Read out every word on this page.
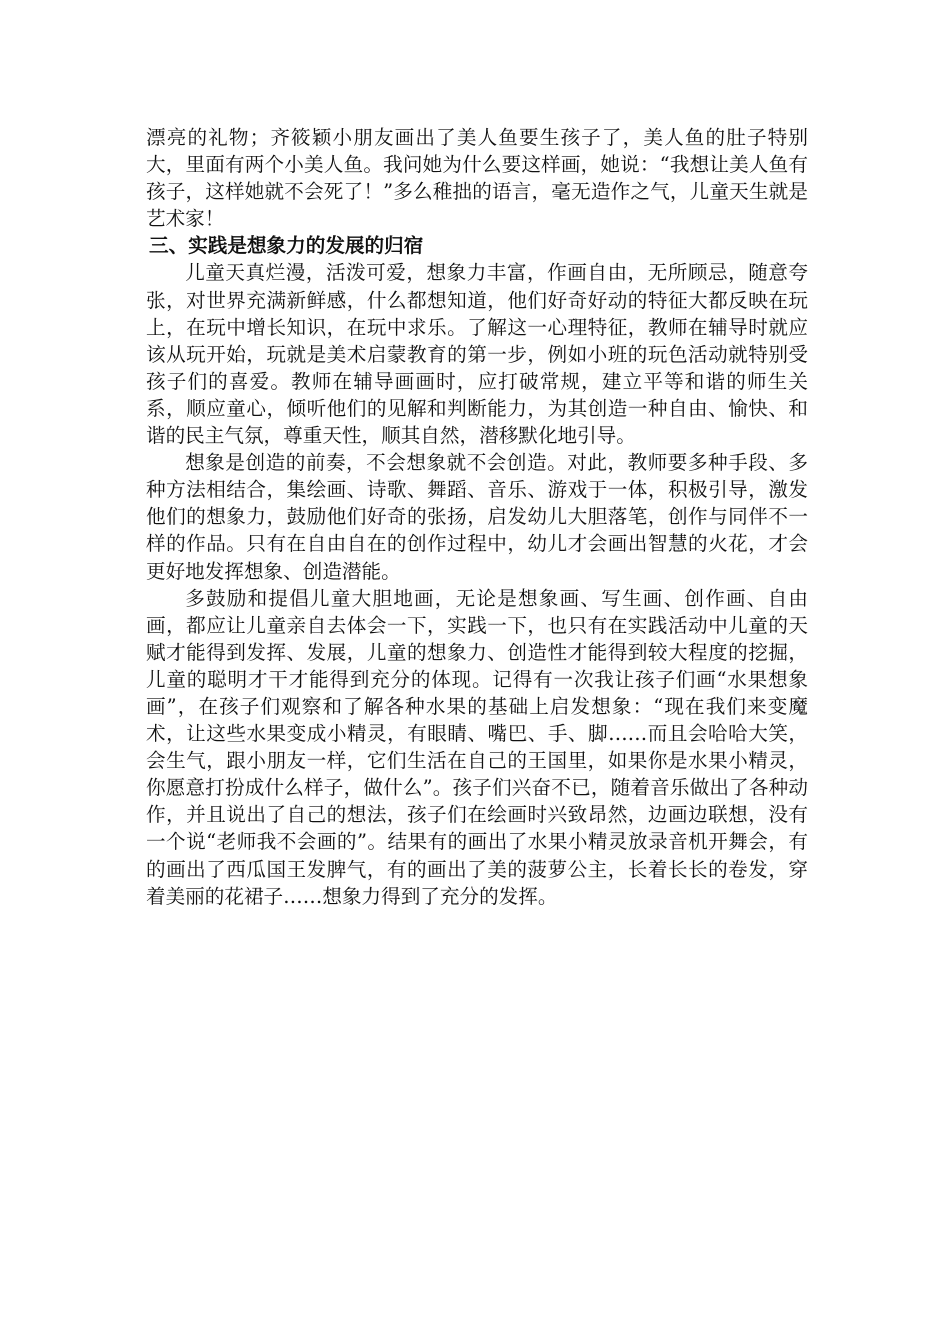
漂亮的礼物；齐筱颖小朋友画出了美人鱼要生孩子了，美人鱼的肚子特别大，里面有两个小美人鱼。我问她为什么要这样画，她说：“我想让美人鱼有孩子，这样她就不会死了！”多么稚拙的语言，毫无造作之气，儿童天生就是艺术家！

三、实践是想象力的发展的归宿

儿童天真烂漫，活泼可爱，想象力丰富，作画自由，无所顾忌，随意夸张，对世界充满新鲜感，什么都想知道，他们好奇好动的特征大都反映在玩上，在玩中增长知识，在玩中求乐。了解这一心理特征，教师在辅导时就应该从玩开始，玩就是美术启蒙教育的第一步，例如小班的玩色活动就特别受孩子们的喜爱。教师在辅导画画时，应打破常规，建立平等和谐的师生关系，顺应童心，倾听他们的见解和判断能力，为其创造一种自由、愉快、和谐的民主气氛，尊重天性，顺其自然，潜移默化地引导。

想象是创造的前奏，不会想象就不会创造。对此，教师要多种手段、多种方法相结合，集绘画、诗歌、舞蹈、音乐、游戏于一体，积极引导，激发他们的想象力，鼓励他们好奇的张扬，启发幼儿大胆落笔，创作与同伴不一样的作品。只有在自由自在的创作过程中，幼儿才会画出智慧的火花，才会更好地发挥想象、创造潜能。

多鼓励和提倡儿童大胆地画，无论是想象画、写生画、创作画、自由画，都应让儿童亲自去体会一下，实践一下，也只有在实践活动中儿童的天赋才能得到发挥、发展，儿童的想象力、创造性才能得到较大程度的挖掘，儿童的聪明才干才能得到充分的体现。记得有一次我让孩子们画“水果想象画”，在孩子们观察和了解各种水果的基础上启发想象：“现在我们来变魔术，让这些水果变成小精灵，有眼睛、嘴巴、手、脚……而且会哈哈大笑，会生气，跟小朋友一样，它们生活在自己的王国里，如果你是水果小精灵，你愿意打扮成什么样子，做什么”。孩子们兴奋不已，随着音乐做出了各种动作，并且说出了自己的想法，孩子们在绘画时兴致昂然，边画边联想，没有一个说“老师我不会画的”。结果有的画出了水果小精灵放录音机开舞会，有的画出了西瓜国王发脾气，有的画出了美的菠萝公主，长着长长的卷发，穿着美丽的花裙子……想象力得到了充分的发挥。
